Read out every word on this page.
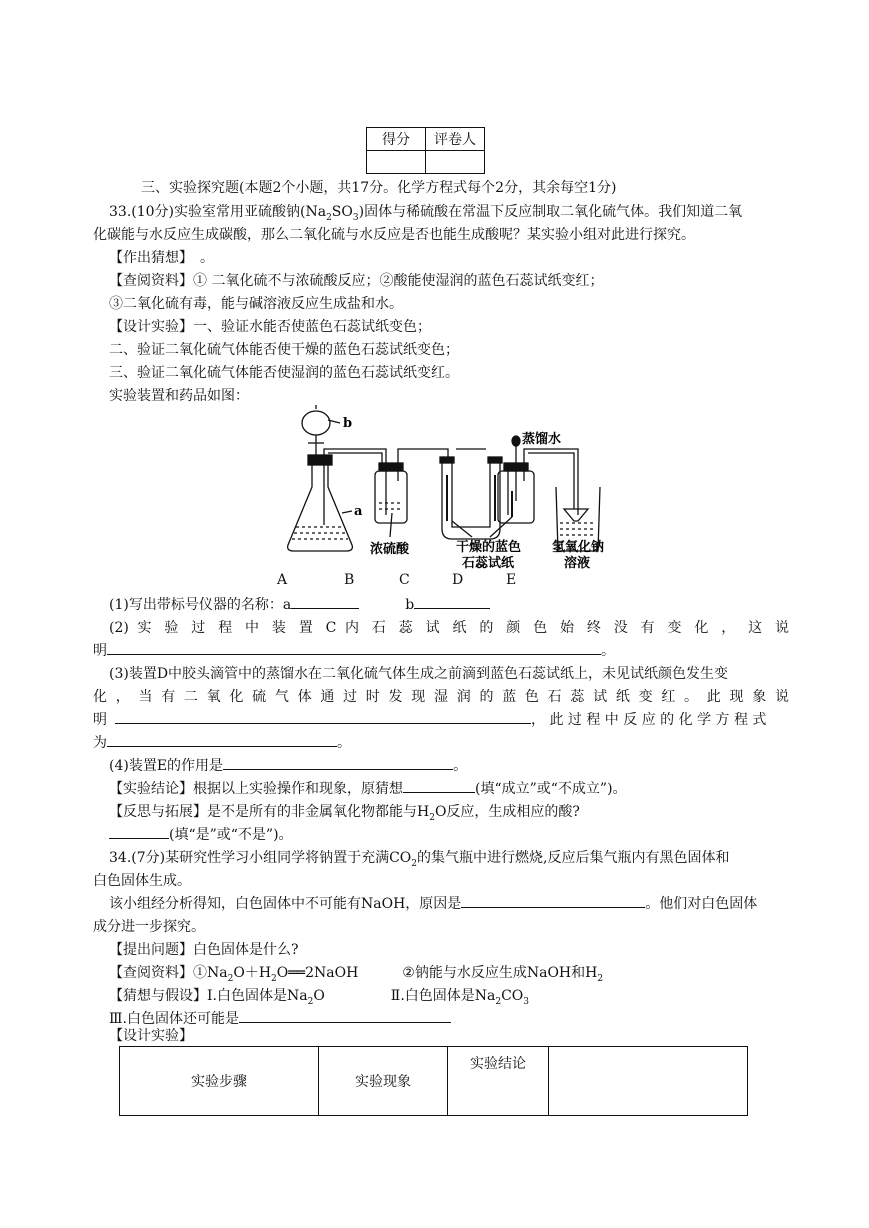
得分	评卷人

三、实验探究题(本题2个小题，共17分。化学方程式每个2分，其余每空1分)
33.(10分)实验室常用亚硫酸钠$(Na_2SO_3)$固体与稀硫酸在常温下反应制取二氧化硫气体。我们知道二氧
化碳能与水反应生成碳酸，那么二氧化硫与水反应是否也能生成酸呢？某实验小组对此进行探究。
【作出猜想】　。
【查阅资料】① 二氧化硫不与浓硫酸反应；②酸能使湿润的蓝色石蕊试纸变红；
③二氧化硫有毒，能与碱溶液反应生成盐和水。
【设计实验】一、验证水能否使蓝色石蕊试纸变色；
二、验证二氧化硫气体能否使干燥的蓝色石蕊试纸变色；
三、验证二氧化硫气体能否使湿润的蓝色石蕊试纸变红。
实验装置和药品如图：
b
a
蒸馏水
浓硫酸	干燥的蓝色
石蕊试纸
氢氧化钠
溶液
A	B	C	D	E
(1)写出带标号仪器的名称：a	b
(2) 实 验 过 程 中 装 置 C 内 石 蕊 试 纸 的 颜 色 始 终 没 有 变 化 ， 这 说
明	。
(3)装置D中胶头滴管中的蒸馏水在二氧化硫气体生成之前滴到蓝色石蕊试纸上，未见试纸颜色发生变
化 ， 当 有 二 氧 化 硫 气 体 通 过 时 发 现 湿 润 的 蓝 色 石 蕊 试 纸 变 红 。 此 现 象 说
明	， 此 过 程 中 反 应 的 化 学 方 程 式
为	。
(4)装置E的作用是	。
【实验结论】根据以上实验操作和现象，原猜想	(填“成立”或“不成立”)。
【反思与拓展】是不是所有的非金属氧化物都能与$H_2O$反应，生成相应的酸?
(填“是”或“不是”)。
34.(7分)某研究性学习小组同学将钠置于充满$CO_2$的集气瓶中进行燃烧,反应后集气瓶内有黑色固体和
白色固体生成。
该小组经分析得知，白色固体中不可能有NaOH，原因是	。他们对白色固体
成分进一步探究。
【提出问题】白色固体是什么?
【查阅资料】$①Na_2O+H_2O══2NaOH$	②钠能与水反应生成NaOH和$H_2$
【猜想与假设】Ⅰ.白色固体是$Na_2O$	Ⅱ.白色固体是$Na_2CO_3$
Ⅲ.白色固体还可能是
【设计实验】
实验步骤	实验现象	实验结论	
